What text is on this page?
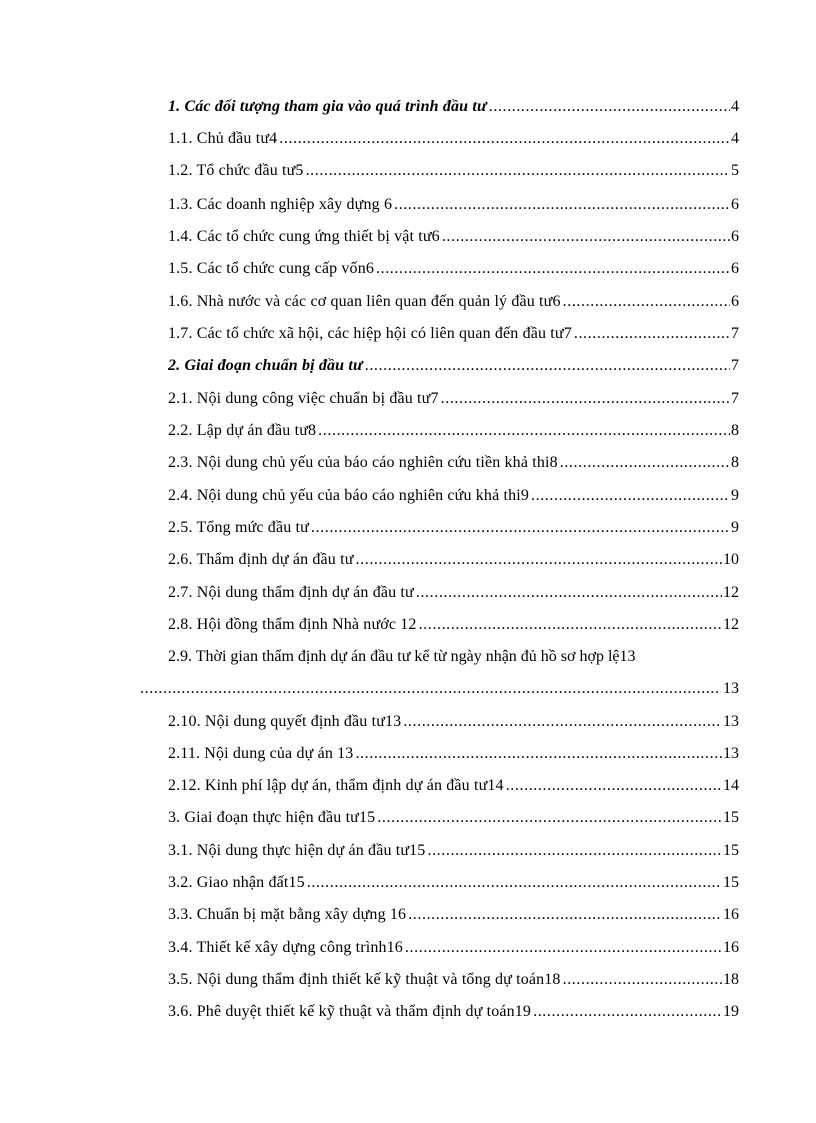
1. Các đối tượng tham gia vào quá trình đầu tư .....	4
1.1. Chủ đầu tư4 .....	4
1.2. Tổ chức đầu tư5 .....	5
1.3. Các doanh nghiệp xây dựng 6 .....	6
1.4. Các tổ chức cung ứng thiết bị vật tư6 .....	6
1.5. Các tổ chức cung cấp vốn6 .....	6
1.6. Nhà nước và các cơ quan liên quan đến quản lý đầu tư6 .....	6
1.7. Các tổ chức xã hội, các hiệp hội có liên quan đến đầu tư7 .....	7
2. Giai đoạn chuẩn bị đầu tư .....	7
2.1. Nội dung công việc chuẩn bị đầu tư7 .....	7
2.2. Lập dự án đầu tư8 .....	8
2.3. Nội dung chủ yếu của báo cáo nghiên cứu tiền khả thi8 .....	8
2.4. Nội dung chủ yếu của báo cáo nghiên cứu khả thi9 .....	9
2.5. Tổng mức đầu tư .....	9
2.6. Thẩm định dự án đầu tư .....	10
2.7. Nội dung thẩm định dự án đầu tư .....	12
2.8. Hội đồng thẩm định Nhà nước 12 .....	12
2.9. Thời gian thẩm định dự án đầu tư kể từ ngày nhận đủ hồ sơ hợp lệ13
.....
13
2.10. Nội dung quyết định đầu tư13 .....	13
2.11. Nội dung của dự án 13 .....	13
2.12. Kinh phí lập dự án, thẩm định dự án đầu tư14 .....	14
3. Giai đoạn thực hiện đầu tư15 .....	15
3.1. Nội dung thực hiện dự án đầu tư15 .....	15
3.2. Giao nhận đất15 .....	15
3.3. Chuẩn bị mặt bằng xây dựng 16 .....	16
3.4. Thiết kế xây dựng công trình16 .....	16
3.5. Nội dung thẩm định thiết kế kỹ thuật và tổng dự toán18 .....	18
3.6. Phê duyệt thiết kế kỹ thuật và thẩm định dự toán19 .....	19
